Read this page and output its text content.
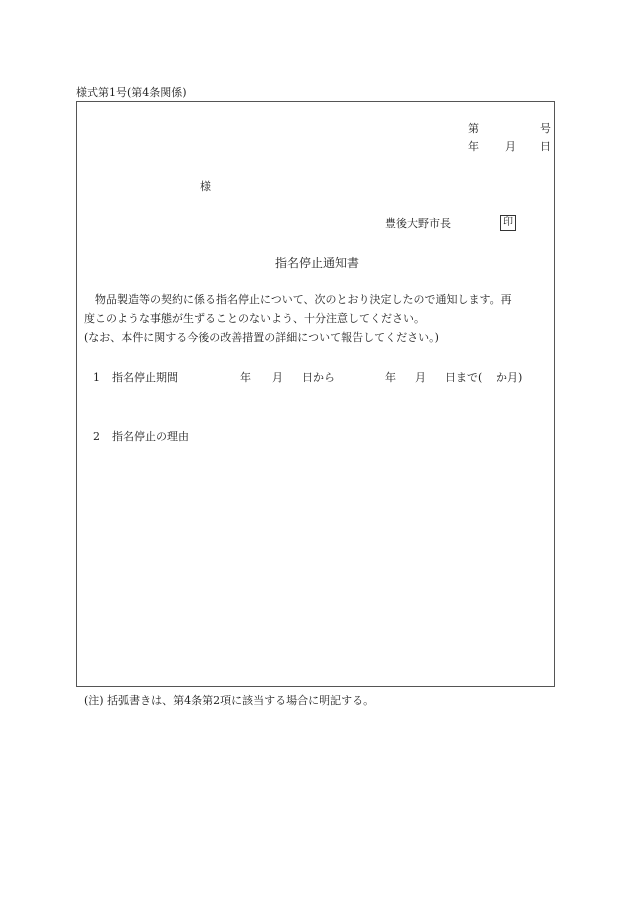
様式第1号(第4条関係)
第	号
年 月 日
様
豊後大野市長	印
指名停止通知書
物品製造等の契約に係る指名停止について、次のとおり決定したので通知します。再
度このような事態が生ずることのないよう、十分注意してください。
(なお、本件に関する今後の改善措置の詳細について報告してください。)
1 指名停止期間	年 月 日から	年 月 日まで( か月)
2 指名停止の理由
(注) 括弧書きは、第4条第2項に該当する場合に明記する。
